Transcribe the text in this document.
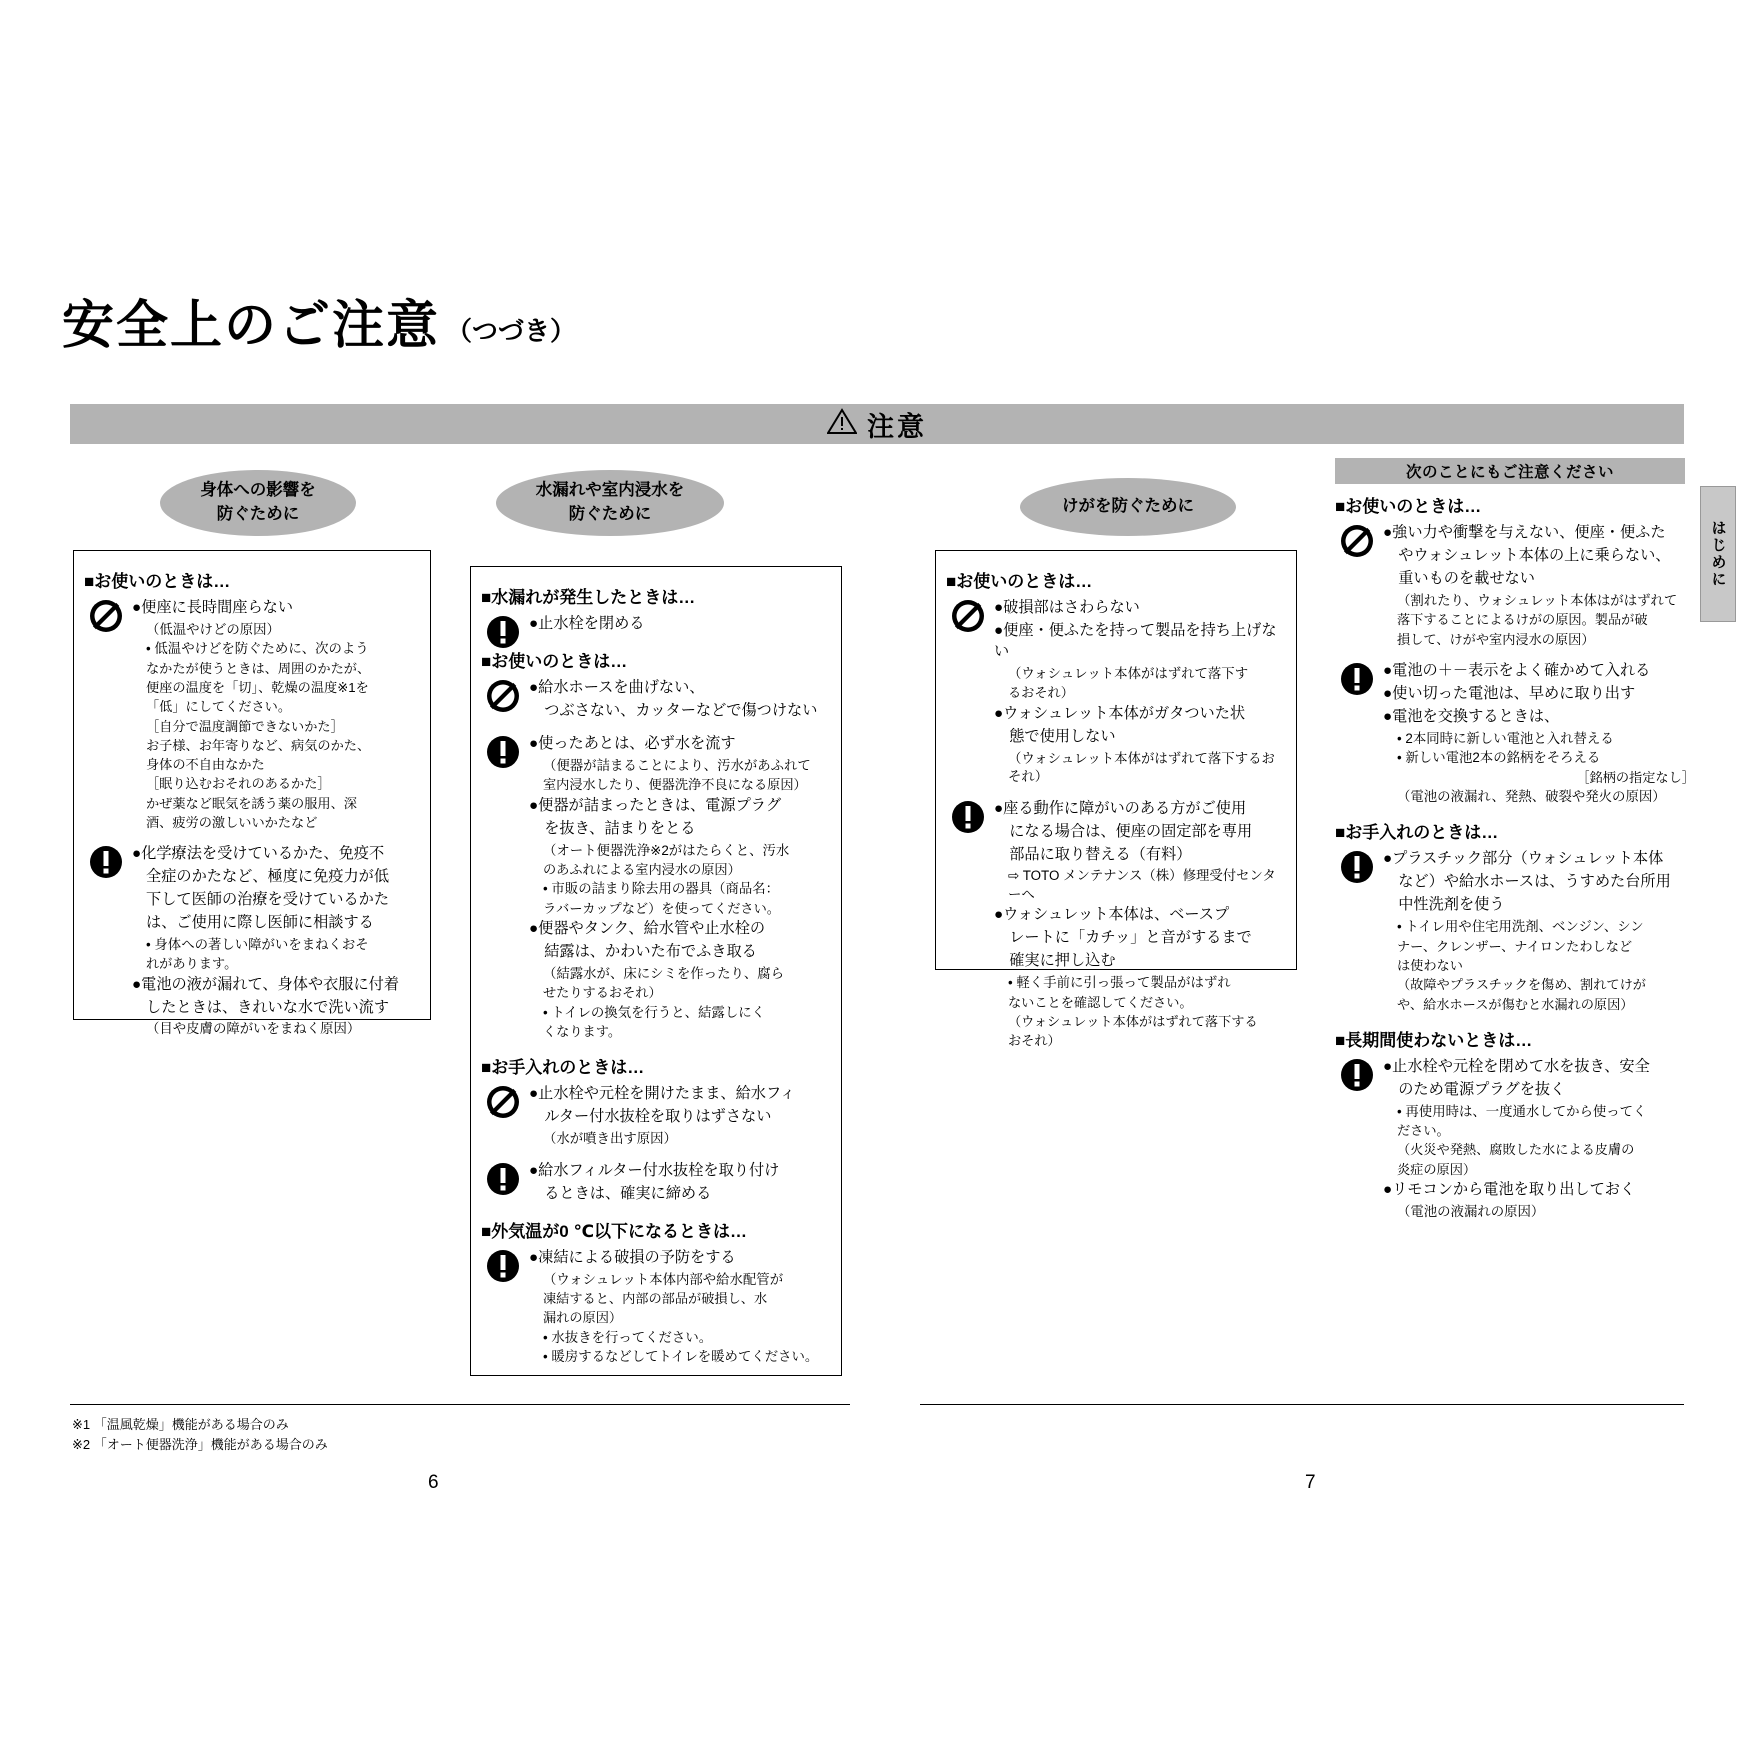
安全上のご注意 （つづき）
注意
身体への影響を
防ぐために
水漏れや室内浸水を
防ぐために	けがを防ぐために
■お使いのときは…

●便座に長時間座らない

（低温やけどの原因）

• 低温やけどを防ぐために、次のよう

なかたが使うときは、周囲のかたが、

便座の温度を「切」、乾燥の温度※1を

「低」にしてください。

［自分で温度調節できないかた］

お子様、お年寄りなど、病気のかた、

身体の不自由なかた

［眠り込むおそれのあるかた］

かぜ薬など眠気を誘う薬の服用、深

酒、疲労の激しいいかたなど

●化学療法を受けているかた、免疫不

全症のかたなど、極度に免疫力が低

下して医師の治療を受けているかた

は、ご使用に際し医師に相談する

• 身体への著しい障がいをまねくおそ

れがあります。

●電池の液が漏れて、身体や衣服に付着

したときは、きれいな水で洗い流す

（目や皮膚の障がいをまねく原因）

■水漏れが発生したときは…

●止水栓を閉める

■お使いのときは…

●給水ホースを曲げない、

　つぶさない、カッターなどで傷つけない

●使ったあとは、必ず水を流す

（便器が詰まることにより、汚水があふれて

室内浸水したり、便器洗浄不良になる原因）

●便器が詰まったときは、電源プラグ

　を抜き、詰まりをとる

（オート便器洗浄※2がはたらくと、汚水

のあふれによる室内浸水の原因）

• 市販の詰まり除去用の器具（商品名：

ラバーカップなど）を使ってください。

●便器やタンク、給水管や止水栓の

　結露は、かわいた布でふき取る

（結露水が、床にシミを作ったり、腐ら

せたりするおそれ）

• トイレの換気を行うと、結露しにく

くなります。

■お手入れのときは…

●止水栓や元栓を開けたまま、給水フィ

　ルター付水抜栓を取りはずさない

（水が噴き出す原因）

●給水フィルター付水抜栓を取り付け

　るときは、確実に締める

■外気温が0 ℃以下になるときは…

●凍結による破損の予防をする

（ウォシュレット本体内部や給水配管が

凍結すると、内部の部品が破損し、水

漏れの原因）

• 水抜きを行ってください。

• 暖房するなどしてトイレを暖めてください。

■お使いのときは…

●破損部はさわらない

●便座・便ふたを持って製品を持ち上げない

（ウォシュレット本体がはずれて落下す

るおそれ）

●ウォシュレット本体がガタついた状

　態で使用しない

（ウォシュレット本体がはずれて落下するおそれ）

●座る動作に障がいのある方がご使用

　になる場合は、便座の固定部を専用

　部品に取り替える（有料）

⇨ TOTO メンテナンス（株）修理受付センターへ

●ウォシュレット本体は、ベースプ

　レートに「カチッ」と音がするまで

　確実に押し込む

• 軽く手前に引っ張って製品がはずれ

ないことを確認してください。

（ウォシュレット本体がはずれて落下する

おそれ）

次のことにもご注意ください
■お使いのときは…

●強い力や衝撃を与えない、便座・便ふた

　やウォシュレット本体の上に乗らない、

　重いものを載せない

（割れたり、ウォシュレット本体はがはずれて

落下することによるけがの原因。製品が破

損して、けがや室内浸水の原因）

●電池の＋－表示をよく確かめて入れる

●使い切った電池は、早めに取り出す

●電池を交換するときは、

• 2本同時に新しい電池と入れ替える

• 新しい電池2本の銘柄をそろえる

［銘柄の指定なし］

（電池の液漏れ、発熱、破裂や発火の原因）

■お手入れのときは…

●プラスチック部分（ウォシュレット本体

　など）や給水ホースは、うすめた台所用

　中性洗剤を使う

• トイレ用や住宅用洗剤、ベンジン、シン

ナー、クレンザー、ナイロンたわしなど

は使わない

（故障やプラスチックを傷め、割れてけが

や、給水ホースが傷むと水漏れの原因）

■長期間使わないときは…

●止水栓や元栓を閉めて水を抜き、安全

　のため電源プラグを抜く

• 再使用時は、一度通水してから使ってく

ださい。

（火災や発熱、腐敗した水による皮膚の

炎症の原因）

●リモコンから電池を取り出しておく

（電池の液漏れの原因）

はじめに
※1 「温風乾燥」機能がある場合のみ
※2 「オート便器洗浄」機能がある場合のみ
6	7
